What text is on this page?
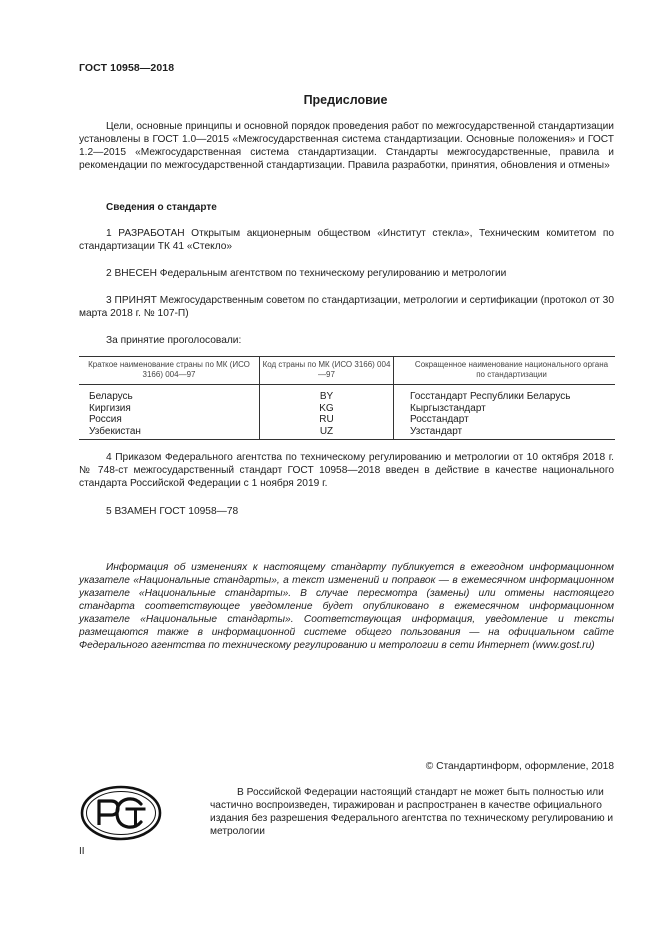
ГОСТ 10958—2018
Предисловие

Цели, основные принципы и основной порядок проведения работ по межгосударственной стандартизации установлены в ГОСТ 1.0—2015 «Межгосударственная система стандартизации. Основные положения» и ГОСТ 1.2—2015 «Межгосударственная система стандартизации. Стандарты межгосударственные, правила и рекомендации по межгосударственной стандартизации. Правила разработки, принятия, обновления и отмены»

Сведения о стандарте

1 РАЗРАБОТАН Открытым акционерным обществом «Институт стекла», Техническим комитетом по стандартизации ТК 41 «Стекло»

2 ВНЕСЕН Федеральным агентством по техническому регулированию и метрологии

3 ПРИНЯТ Межгосударственным советом по стандартизации, метрологии и сертификации (протокол от 30 марта 2018 г. № 107-П)

За принятие проголосовали:

Краткое наименование страны по МК (ИСО 3166) 004—97	Код страны по МК (ИСО 3166) 004—97	Сокращенное наименование национального органа по стандартизации
Беларусь	BY	Госстандарт Республики Беларусь
Киргизия	KG	Кыргызстандарт
Россия	RU	Росстандарт
Узбекистан	UZ	Узстандарт

4 Приказом Федерального агентства по техническому регулированию и метрологии от 10 октября 2018 г. № 748-ст межгосударственный стандарт ГОСТ 10958—2018 введен в действие в качестве национального стандарта Российской Федерации с 1 ноября 2019 г.

5 ВЗАМЕН ГОСТ 10958—78

Информация об изменениях к настоящему стандарту публикуется в ежегодном информационном указателе «Национальные стандарты», а текст изменений и поправок — в ежемесячном информационном указателе «Национальные стандарты». В случае пересмотра (замены) или отмены настоящего стандарта соответствующее уведомление будет опубликовано в ежемесячном информационном указателе «Национальные стандарты». Соответствующая информация, уведомление и тексты размещаются также в информационной системе общего пользования — на официальном сайте Федерального агентства по техническому регулированию и метрологии в сети Интернет (www.gost.ru)

© Стандартинформ, оформление, 2018

В Российской Федерации настоящий стандарт не может быть полностью или частично воспроизведен, тиражирован и распространен в качестве официального издания без разрешения Федерального агентства по техническому регулированию и метрологии

II
